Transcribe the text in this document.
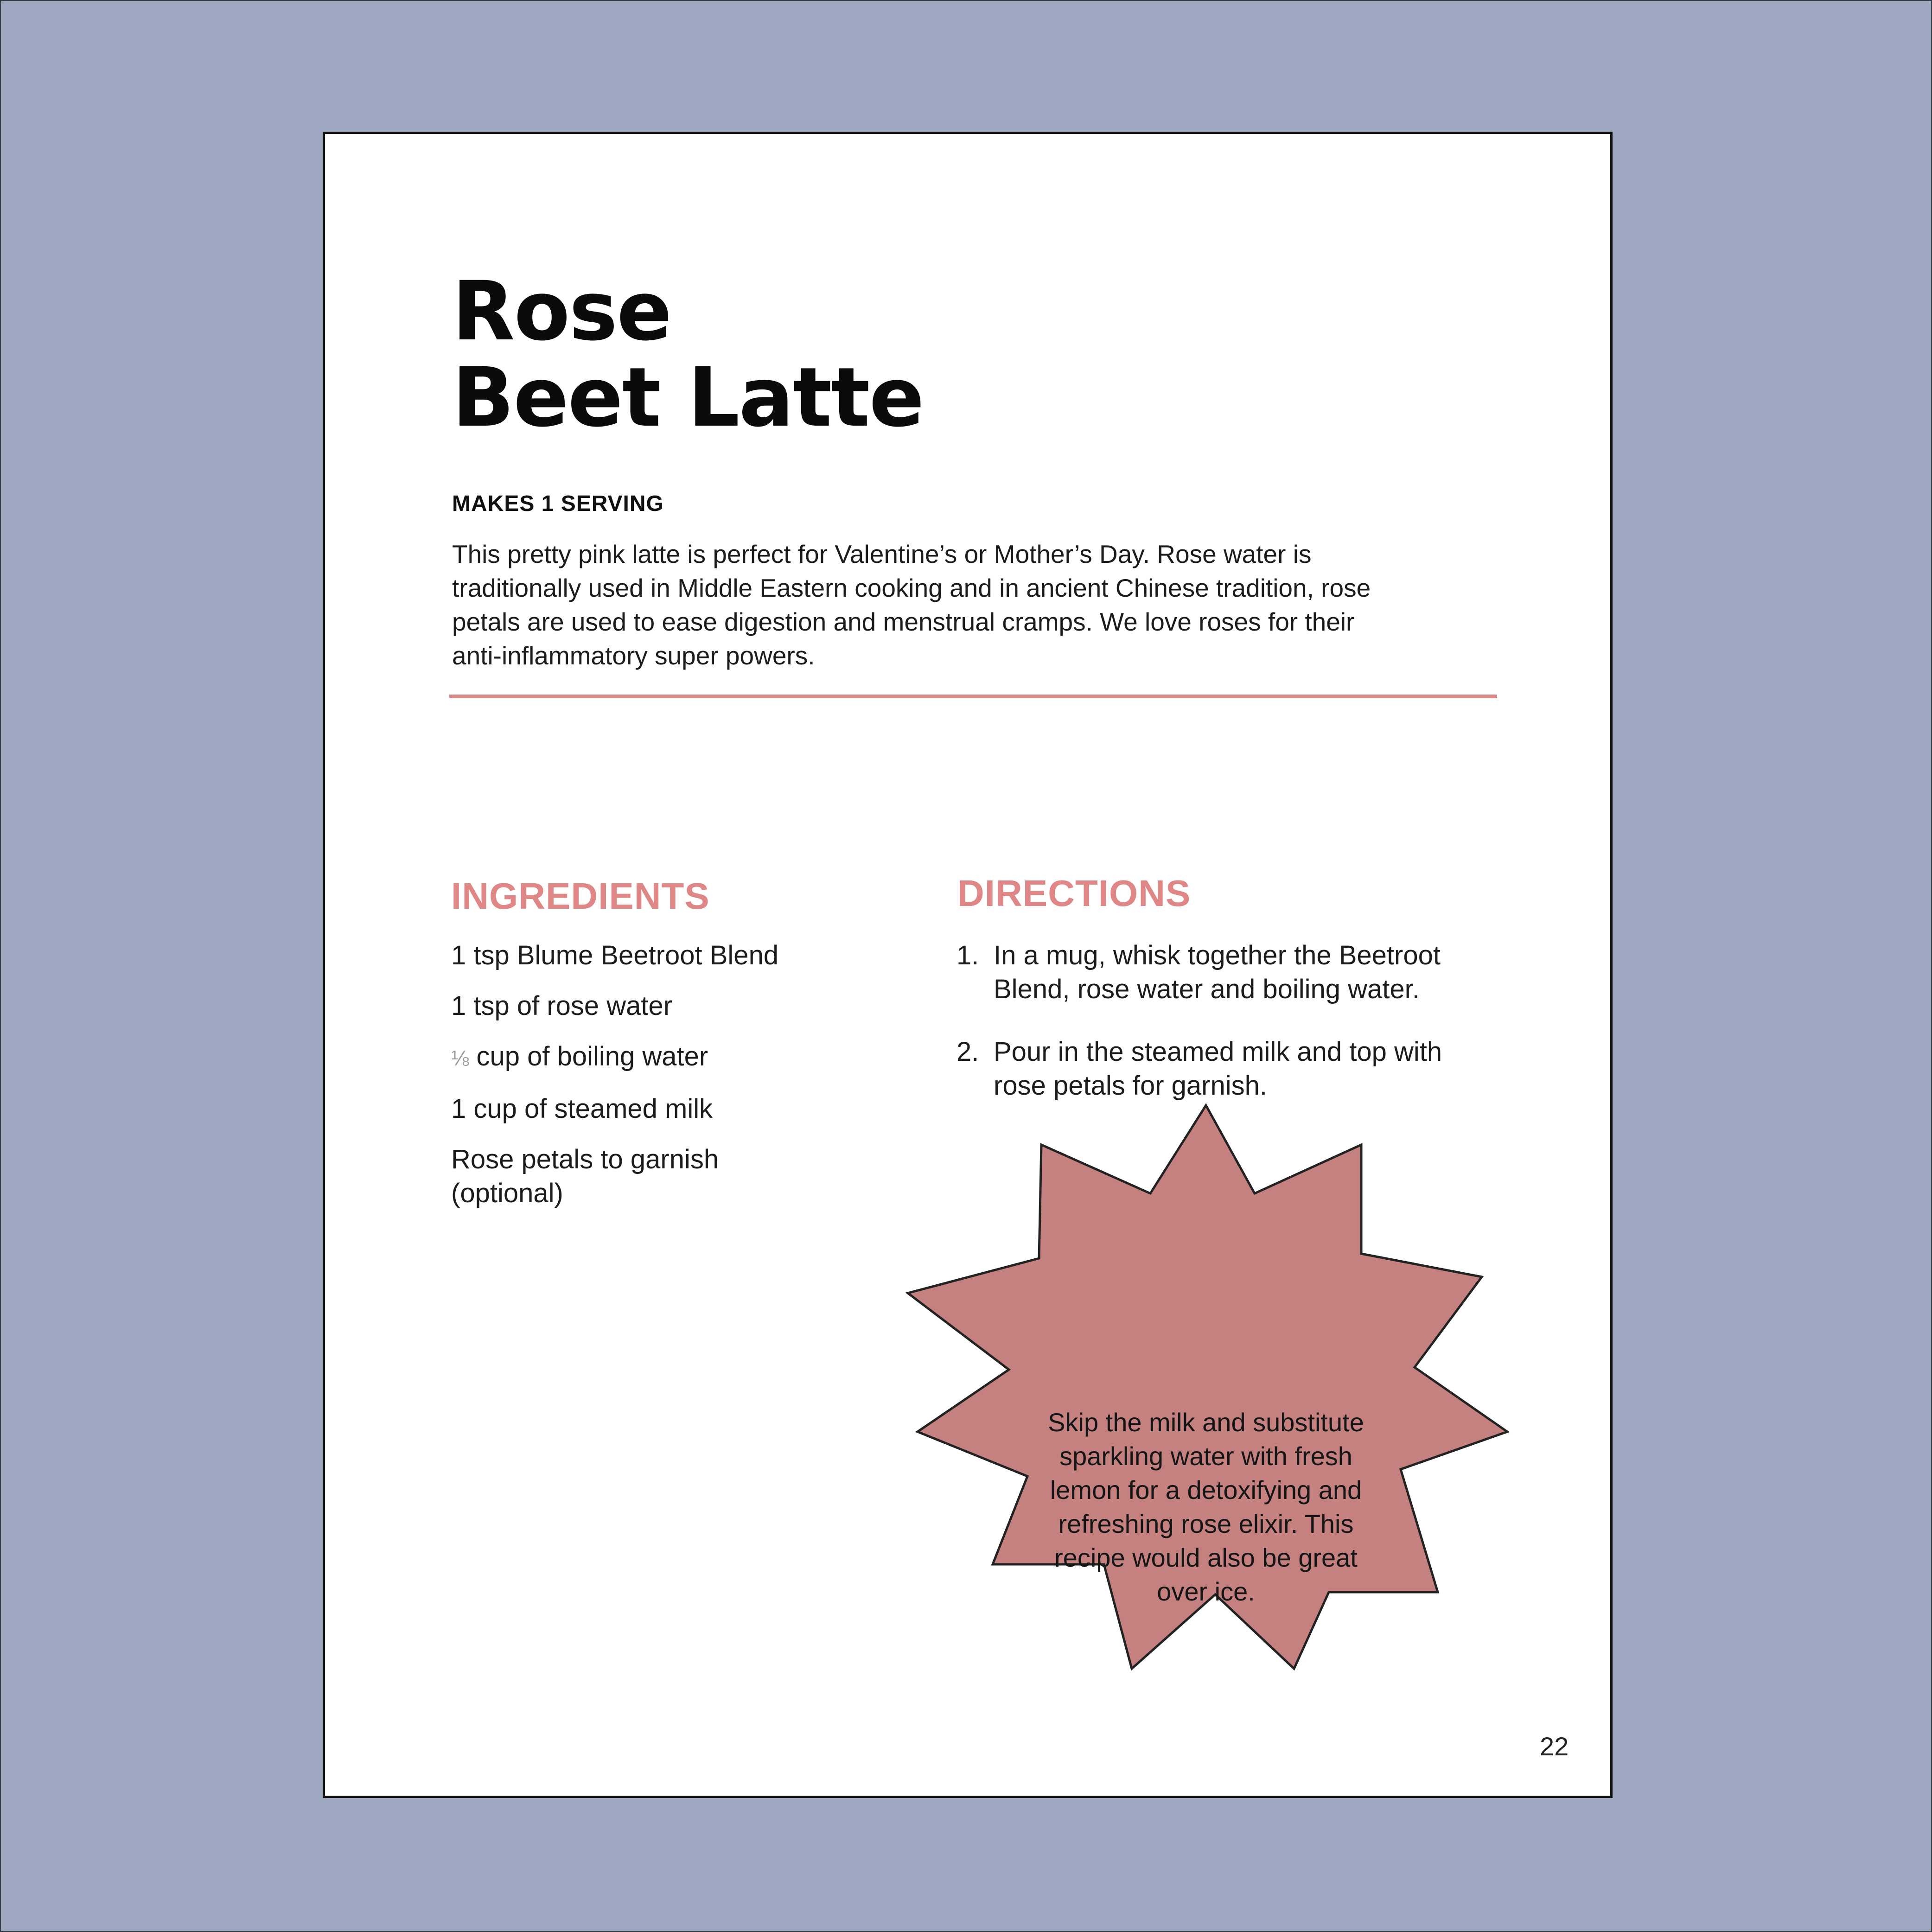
Rose
Beet Latte
MAKES 1 SERVING

This pretty pink latte is perfect for Valentine’s or Mother’s Day. Rose water is traditionally used in Middle Eastern cooking and in ancient Chinese tradition, rose petals are used to ease digestion and menstrual cramps. We love roses for their anti-inflammatory super powers.

INGREDIENTS
1 tsp Blume Beetroot Blend
1 tsp of rose water
⅛ cup of boiling water
1 cup of steamed milk
Rose petals to garnish (optional)
DIRECTIONS
1. In a mug, whisk together the Beetroot Blend, rose water and boiling water.
2. Pour in the steamed milk and top with rose petals for garnish.
Skip the milk and substitute sparkling water with fresh lemon for a detoxifying and refreshing rose elixir. This recipe would also be great over ice.
22
